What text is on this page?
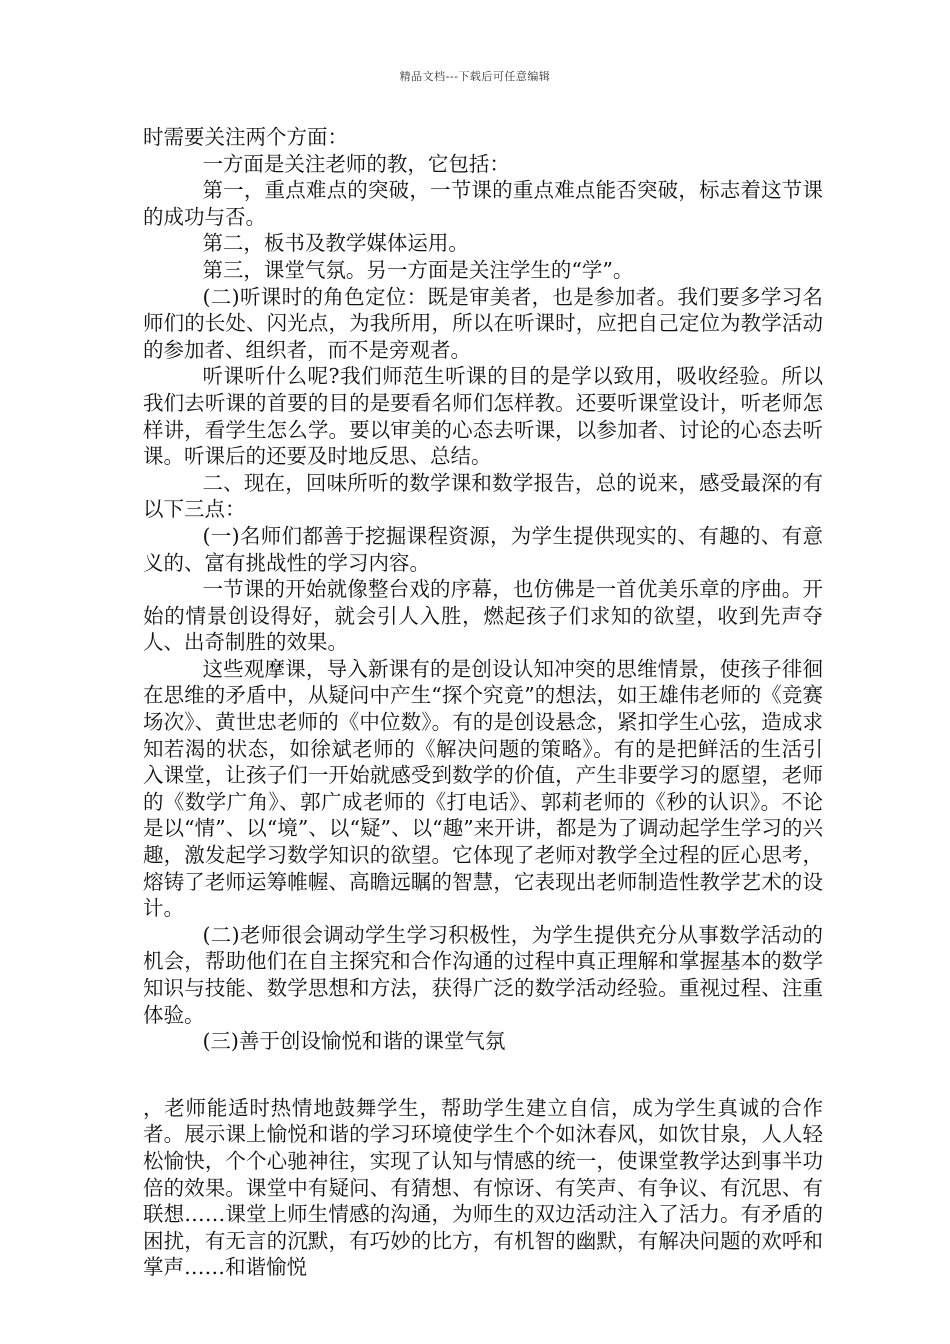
精品文档---下载后可任意编辑

时需要关注两个方面：

一方面是关注老师的教，它包括：

第一，重点难点的突破，一节课的重点难点能否突破，标志着这节课的成功与否。

第二，板书及教学媒体运用。

第三，课堂气氛。另一方面是关注学生的“学”。

(二)听课时的角色定位：既是审美者，也是参加者。我们要多学习名师们的长处、闪光点，为我所用，所以在听课时，应把自己定位为教学活动的参加者、组织者，而不是旁观者。

听课听什么呢?我们师范生听课的目的是学以致用，吸收经验。所以我们去听课的首要的目的是要看名师们怎样教。还要听课堂设计，听老师怎样讲，看学生怎么学。要以审美的心态去听课，以参加者、讨论的心态去听课。听课后的还要及时地反思、总结。

二、现在，回味所听的数学课和数学报告，总的说来，感受最深的有以下三点：

(一)名师们都善于挖掘课程资源，为学生提供现实的、有趣的、有意义的、富有挑战性的学习内容。

一节课的开始就像整台戏的序幕，也仿佛是一首优美乐章的序曲。开始的情景创设得好，就会引人入胜，燃起孩子们求知的欲望，收到先声夺人、出奇制胜的效果。

这些观摩课，导入新课有的是创设认知冲突的思维情景，使孩子徘徊在思维的矛盾中，从疑问中产生“探个究竟”的想法，如王雄伟老师的《竞赛场次》、黄世忠老师的《中位数》。有的是创设悬念，紧扣学生心弦，造成求知若渴的状态，如徐斌老师的《解决问题的策略》。有的是把鲜活的生活引入课堂，让孩子们一开始就感受到数学的价值，产生非要学习的愿望，老师的《数学广角》、郭广成老师的《打电话》、郭莉老师的《秒的认识》。不论是以“情”、以“境”、以“疑”、以“趣”来开讲，都是为了调动起学生学习的兴趣，激发起学习数学知识的欲望。它体现了老师对教学全过程的匠心思考，熔铸了老师运筹帷幄、高瞻远瞩的智慧，它表现出老师制造性教学艺术的设计。

(二)老师很会调动学生学习积极性，为学生提供充分从事数学活动的机会，帮助他们在自主探究和合作沟通的过程中真正理解和掌握基本的数学知识与技能、数学思想和方法，获得广泛的数学活动经验。重视过程、注重体验。

(三)善于创设愉悦和谐的课堂气氛

，老师能适时热情地鼓舞学生，帮助学生建立自信，成为学生真诚的合作者。展示课上愉悦和谐的学习环境使学生个个如沐春风，如饮甘泉，人人轻松愉快，个个心驰神往，实现了认知与情感的统一，使课堂教学达到事半功倍的效果。课堂中有疑问、有猜想、有惊讶、有笑声、有争议、有沉思、有联想……课堂上师生情感的沟通，为师生的双边活动注入了活力。有矛盾的困扰，有无言的沉默，有巧妙的比方，有机智的幽默，有解决问题的欢呼和掌声……和谐愉悦
